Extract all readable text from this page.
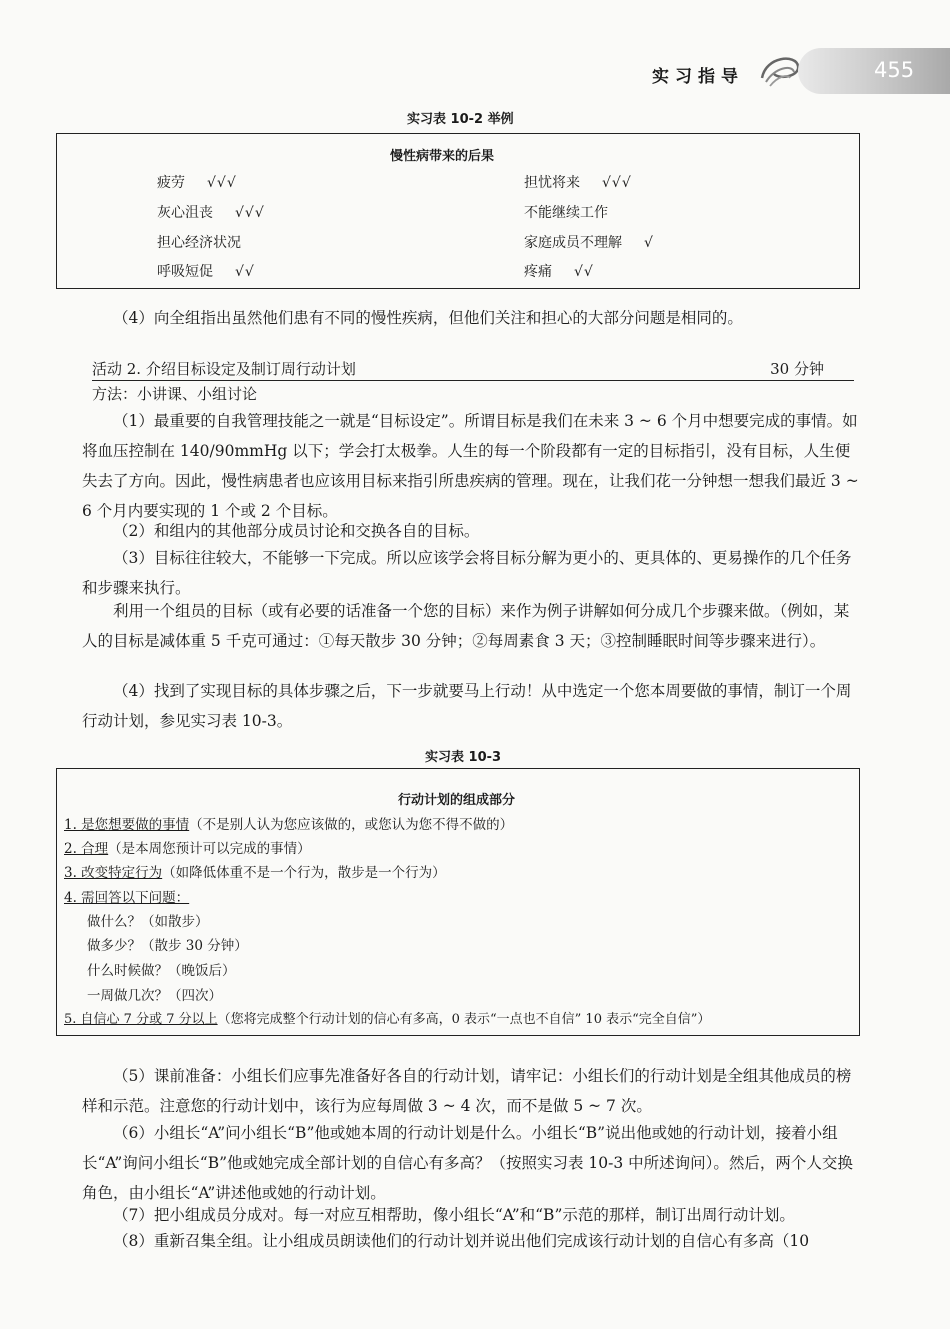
实习指导	455
实习表 10-2 举例
慢性病带来的后果
疲劳 √√√
灰心沮丧 √√√
担心经济状况
呼吸短促 √√
担忧将来 √√√
不能继续工作
家庭成员不理解 √
疼痛 √√
（4）向全组指出虽然他们患有不同的慢性疾病，但他们关注和担心的大部分问题是相同的。
活动 2. 介绍目标设定及制订周行动计划	30 分钟
方法：小讲课、小组讨论
（1）最重要的自我管理技能之一就是“目标设定”。所谓目标是我们在未来 3 ~ 6 个月中想要完成的事情。如将血压控制在 140/90mmHg 以下；学会打太极拳。人生的每一个阶段都有一定的目标指引，没有目标，人生便失去了方向。因此，慢性病患者也应该用目标来指引所患疾病的管理。现在，让我们花一分钟想一想我们最近 3 ~ 6 个月内要实现的 1 个或 2 个目标。
（2）和组内的其他部分成员讨论和交换各自的目标。
（3）目标往往较大，不能够一下完成。所以应该学会将目标分解为更小的、更具体的、更易操作的几个任务和步骤来执行。
利用一个组员的目标（或有必要的话准备一个您的目标）来作为例子讲解如何分成几个步骤来做。（例如，某人的目标是减体重 5 千克可通过：①每天散步 30 分钟；②每周素食 3 天；③控制睡眠时间等步骤来进行）。
（4）找到了实现目标的具体步骤之后，下一步就要马上行动！从中选定一个您本周要做的事情，制订一个周行动计划，参见实习表 10-3。
实习表 10-3
行动计划的组成部分
1. 是您想要做的事情（不是别人认为您应该做的，或您认为您不得不做的）
2. 合理（是本周您预计可以完成的事情）
3. 改变特定行为（如降低体重不是一个行为，散步是一个行为）
4. 需回答以下问题：
做什么？（如散步）
做多少？（散步 30 分钟）
什么时候做？（晚饭后）
一周做几次？（四次）
5. 自信心 7 分或 7 分以上（您将完成整个行动计划的信心有多高，0 表示“一点也不自信” 10 表示“完全自信”）
（5）课前准备：小组长们应事先准备好各自的行动计划，请牢记：小组长们的行动计划是全组其他成员的榜样和示范。注意您的行动计划中，该行为应每周做 3 ~ 4 次，而不是做 5 ~ 7 次。
（6）小组长“A”问小组长“B”他或她本周的行动计划是什么。小组长“B”说出他或她的行动计划，接着小组长“A”询问小组长“B”他或她完成全部计划的自信心有多高？（按照实习表 10-3 中所述询问）。然后，两个人交换角色，由小组长“A”讲述他或她的行动计划。
（7）把小组成员分成对。每一对应互相帮助，像小组长“A”和“B”示范的那样，制订出周行动计划。
（8）重新召集全组。让小组成员朗读他们的行动计划并说出他们完成该行动计划的自信心有多高（10
